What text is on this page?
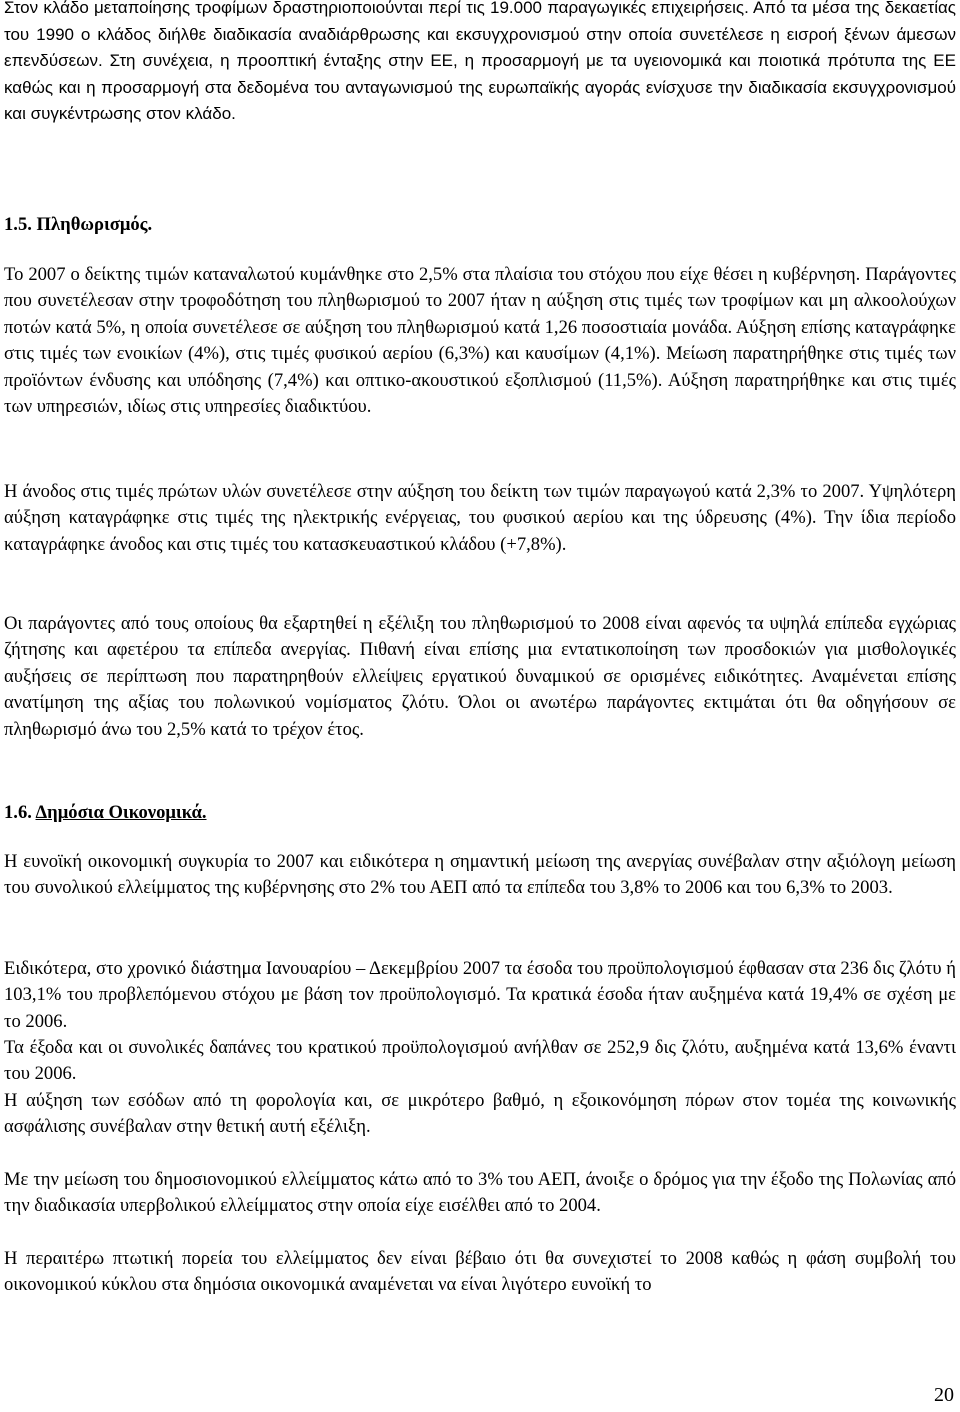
Στον κλάδο μεταποίησης τροφίμων δραστηριοποιούνται περί τις 19.000 παραγωγικές επιχειρήσεις. Από τα μέσα της δεκαετίας του 1990 ο κλάδος διήλθε διαδικασία αναδιάρθρωσης και εκσυγχρονισμού στην οποία συνετέλεσε η εισροή ξένων άμεσων επενδύσεων. Στη συνέχεια, η προοπτική ένταξης στην ΕΕ, η προσαρμογή με τα υγειονομικά και ποιοτικά πρότυπα της ΕΕ καθώς και η προσαρμογή στα δεδομένα του ανταγωνισμού της ευρωπαϊκής αγοράς ενίσχυσε την διαδικασία εκσυγχρονισμού και συγκέντρωσης στον κλάδο.

1.5. Πληθωρισμός.

Το 2007 ο δείκτης τιμών καταναλωτού κυμάνθηκε στο 2,5% στα πλαίσια του στόχου που είχε θέσει η κυβέρνηση. Παράγοντες που συνετέλεσαν στην τροφοδότηση του πληθωρισμού το 2007 ήταν η αύξηση στις τιμές των τροφίμων και μη αλκοολούχων ποτών κατά 5%, η οποία συνετέλεσε σε αύξηση του πληθωρισμού κατά 1,26 ποσοστιαία μονάδα. Αύξηση επίσης καταγράφηκε στις τιμές των ενοικίων (4%), στις τιμές φυσικού αερίου (6,3%) και καυσίμων (4,1%). Μείωση παρατηρήθηκε στις τιμές των προϊόντων ένδυσης και υπόδησης (7,4%) και οπτικο-ακουστικού εξοπλισμού (11,5%). Αύξηση παρατηρήθηκε και στις τιμές των υπηρεσιών, ιδίως στις υπηρεσίες διαδικτύου.

Η άνοδος στις τιμές πρώτων υλών συνετέλεσε στην αύξηση του δείκτη των τιμών παραγωγού κατά 2,3% το 2007. Υψηλότερη αύξηση καταγράφηκε στις τιμές της ηλεκτρικής ενέργειας, του φυσικού αερίου και της ύδρευσης (4%). Την ίδια περίοδο καταγράφηκε άνοδος και στις τιμές του κατασκευαστικού κλάδου (+7,8%).

Οι παράγοντες από τους οποίους θα εξαρτηθεί η εξέλιξη του πληθωρισμού το 2008 είναι αφενός τα υψηλά επίπεδα εγχώριας ζήτησης και αφετέρου τα επίπεδα ανεργίας. Πιθανή είναι επίσης μια εντατικοποίηση των προσδοκιών για μισθολογικές αυξήσεις σε περίπτωση που παρατηρηθούν ελλείψεις εργατικού δυναμικού σε ορισμένες ειδικότητες. Αναμένεται επίσης ανατίμηση της αξίας του πολωνικού νομίσματος ζλότυ. Όλοι οι ανωτέρω παράγοντες εκτιμάται ότι θα οδηγήσουν σε πληθωρισμό άνω του 2,5% κατά το τρέχον έτος.

1.6. Δημόσια Οικονομικά.

Η ευνοϊκή οικονομική συγκυρία το 2007 και ειδικότερα η σημαντική μείωση της ανεργίας συνέβαλαν στην αξιόλογη μείωση του συνολικού ελλείμματος της κυβέρνησης στο 2% του ΑΕΠ από τα επίπεδα του 3,8% το 2006 και του 6,3% το 2003.

Ειδικότερα, στο χρονικό διάστημα Ιανουαρίου – Δεκεμβρίου 2007 τα έσοδα του προϋπολογισμού έφθασαν στα 236 δις ζλότυ ή 103,1% του προβλεπόμενου στόχου με βάση τον προϋπολογισμό. Τα κρατικά έσοδα ήταν αυξημένα κατά 19,4% σε σχέση με το 2006.

Τα έξοδα και οι συνολικές δαπάνες του κρατικού προϋπολογισμού ανήλθαν σε 252,9 δις ζλότυ, αυξημένα κατά 13,6% έναντι του 2006.

Η αύξηση των εσόδων από τη φορολογία και, σε μικρότερο βαθμό, η εξοικονόμηση πόρων στον τομέα της κοινωνικής ασφάλισης συνέβαλαν στην θετική αυτή εξέλιξη.

Με την μείωση του δημοσιονομικού ελλείμματος κάτω από το 3% του ΑΕΠ, άνοιξε ο δρόμος για την έξοδο της Πολωνίας από την διαδικασία υπερβολικού ελλείμματος στην οποία είχε εισέλθει από το 2004.

Η περαιτέρω πτωτική πορεία του ελλείμματος δεν είναι βέβαιο ότι θα συνεχιστεί το 2008 καθώς η φάση συμβολή του οικονομικού κύκλου στα δημόσια οικονομικά αναμένεται να είναι λιγότερο ευνοϊκή το

20
